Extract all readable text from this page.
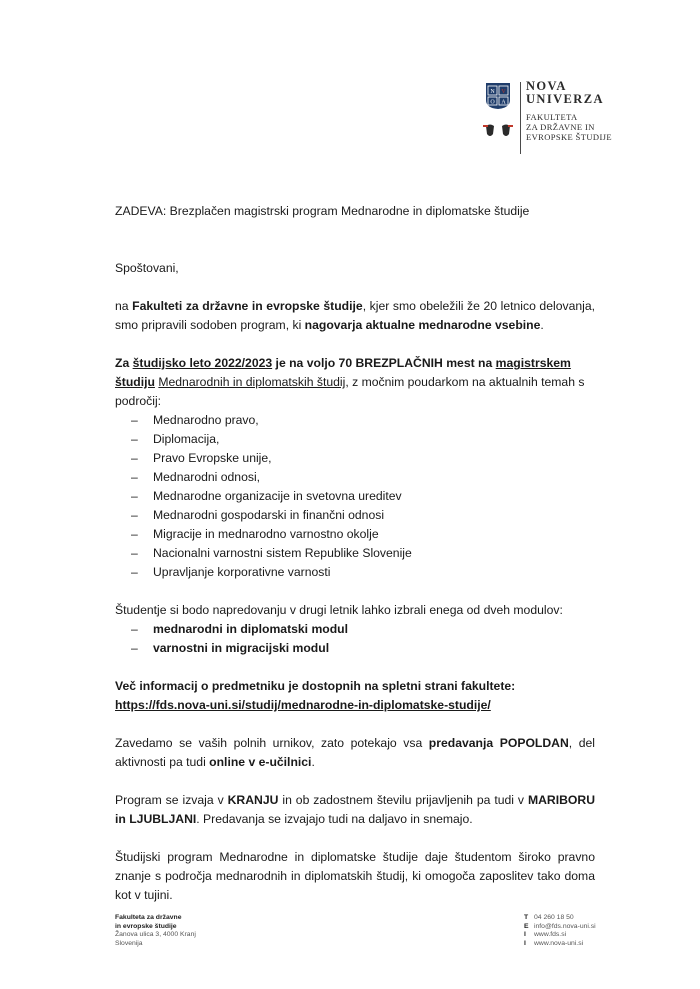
N V
O A
NOVA
UNIVERZA
FAKULTETA
ZA DRŽAVNE IN
EVROPSKE ŠTUDIJE

ZADEVA: Brezplačen magistrski program Mednarodne in diplomatske študije

Spoštovani,

na Fakulteti za državne in evropske študije, kjer smo obeležili že 20 letnico delovanja, smo pripravili sodoben program, ki nagovarja aktualne mednarodne vsebine.

Za študijsko leto 2022/2023 je na voljo 70 BREZPLAČNIH mest na magistrskem študiju Mednarodnih in diplomatskih študij, z močnim poudarkom na aktualnih temah s področij:

– Mednarodno pravo,
– Diplomacija,
– Pravo Evropske unije,
– Mednarodni odnosi,
– Mednarodne organizacije in svetovna ureditev
– Mednarodni gospodarski in finančni odnosi
– Migracije in mednarodno varnostno okolje
– Nacionalni varnostni sistem Republike Slovenije
– Upravljanje korporativne varnosti

Študentje si bodo napredovanju v drugi letnik lahko izbrali enega od dveh modulov:

– mednarodni in diplomatski modul
– varnostni in migracijski modul

Več informacij o predmetniku je dostopnih na spletni strani fakultete: https://fds.nova-uni.si/studij/mednarodne-in-diplomatske-studije/

Zavedamo se vaših polnih urnikov, zato potekajo vsa predavanja POPOLDAN, del aktivnosti pa tudi online v e-učilnici.

Program se izvaja v KRANJU in ob zadostnem številu prijavljenih pa tudi v MARIBORU in LJUBLJANI. Predavanja se izvajajo tudi na daljavo in snemajo.

Študijski program Mednarodne in diplomatske študije daje študentom široko pravno znanje s področja mednarodnih in diplomatskih študij, ki omogoča zaposlitev tako doma kot v tujini.

Fakulteta za državne
in evropske študije
Žanova ulica 3, 4000 Kranj
Slovenija
T 04 260 18 50
E info@fds.nova-uni.si
I www.fds.si
I www.nova-uni.si
